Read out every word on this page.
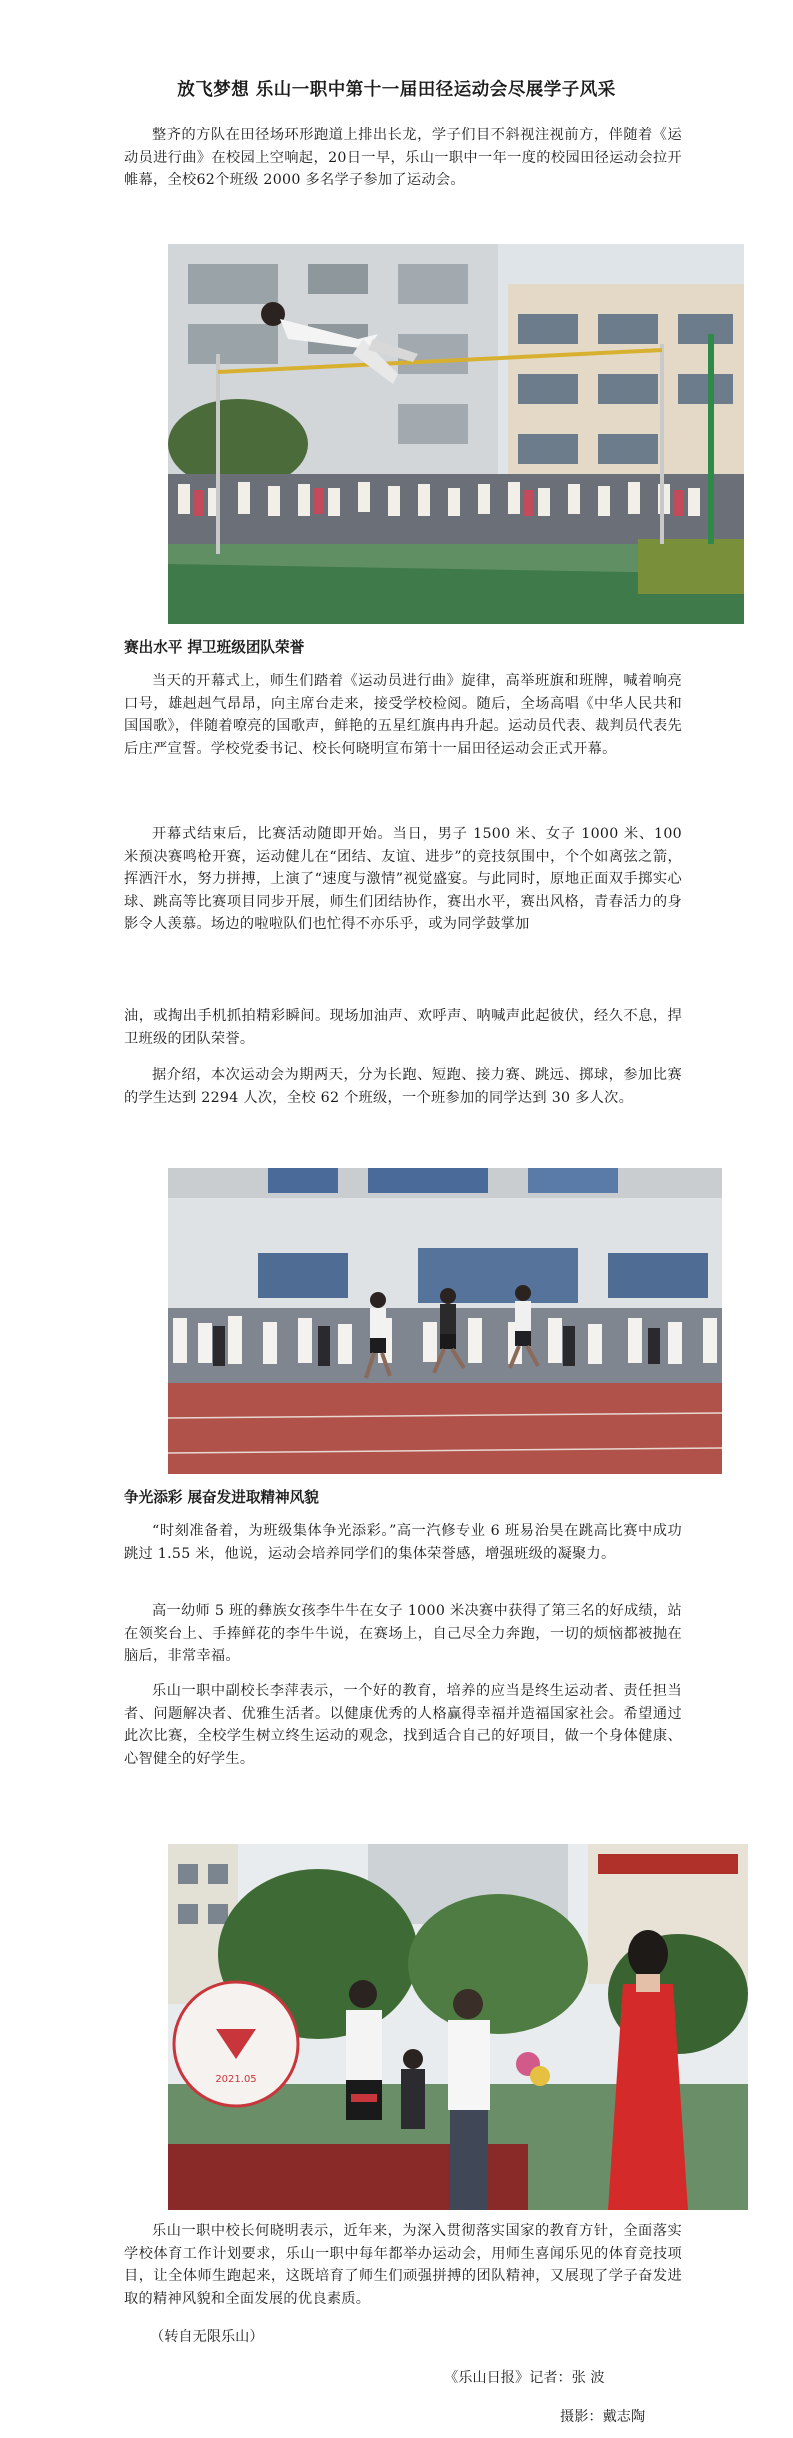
放飞梦想 乐山一职中第十一届田径运动会尽展学子风采

整齐的方队在田径场环形跑道上排出长龙，学子们目不斜视注视前方，伴随着《运动员进行曲》在校园上空响起，20日一早，乐山一职中一年一度的校园田径运动会拉开帷幕，全校62个班级 2000 多名学子参加了运动会。

赛出水平 捍卫班级团队荣誉

当天的开幕式上，师生们踏着《运动员进行曲》旋律，高举班旗和班牌，喊着响亮口号，雄赳赳气昂昂，向主席台走来，接受学校检阅。随后，全场高唱《中华人民共和国国歌》，伴随着嘹亮的国歌声，鲜艳的五星红旗冉冉升起。运动员代表、裁判员代表先后庄严宣誓。学校党委书记、校长何晓明宣布第十一届田径运动会正式开幕。

开幕式结束后，比赛活动随即开始。当日，男子 1500 米、女子 1000 米、100 米预决赛鸣枪开赛，运动健儿在“团结、友谊、进步”的竞技氛围中，个个如离弦之箭，挥洒汗水，努力拼搏，上演了“速度与激情”视觉盛宴。与此同时，原地正面双手掷实心球、跳高等比赛项目同步开展，师生们团结协作，赛出水平，赛出风格，青春活力的身影令人羡慕。场边的啦啦队们也忙得不亦乐乎，或为同学鼓掌加

油，或掏出手机抓拍精彩瞬间。现场加油声、欢呼声、呐喊声此起彼伏，经久不息，捍卫班级的团队荣誉。

据介绍，本次运动会为期两天，分为长跑、短跑、接力赛、跳远、掷球，参加比赛的学生达到 2294 人次，全校 62 个班级，一个班参加的同学达到 30 多人次。

争光添彩 展奋发进取精神风貌

“时刻准备着，为班级集体争光添彩。”高一汽修专业 6 班易治昊在跳高比赛中成功跳过 1.55 米，他说，运动会培养同学们的集体荣誉感，增强班级的凝聚力。

高一幼师 5 班的彝族女孩李牛牛在女子 1000 米决赛中获得了第三名的好成绩，站在领奖台上、手捧鲜花的李牛牛说，在赛场上，自己尽全力奔跑，一切的烦恼都被抛在脑后，非常幸福。

乐山一职中副校长李萍表示，一个好的教育，培养的应当是终生运动者、责任担当者、问题解决者、优雅生活者。以健康优秀的人格赢得幸福并造福国家社会。希望通过此次比赛，全校学生树立终生运动的观念，找到适合自己的好项目，做一个身体健康、心智健全的好学生。

2021.05

乐山一职中校长何晓明表示，近年来，为深入贯彻落实国家的教育方针，全面落实学校体育工作计划要求，乐山一职中每年都举办运动会，用师生喜闻乐见的体育竞技项目，让全体师生跑起来，这既培育了师生们顽强拼搏的团队精神，又展现了学子奋发进取的精神风貌和全面发展的优良素质。

（转自无限乐山）

《乐山日报》记者：张 波

摄影：戴志陶
